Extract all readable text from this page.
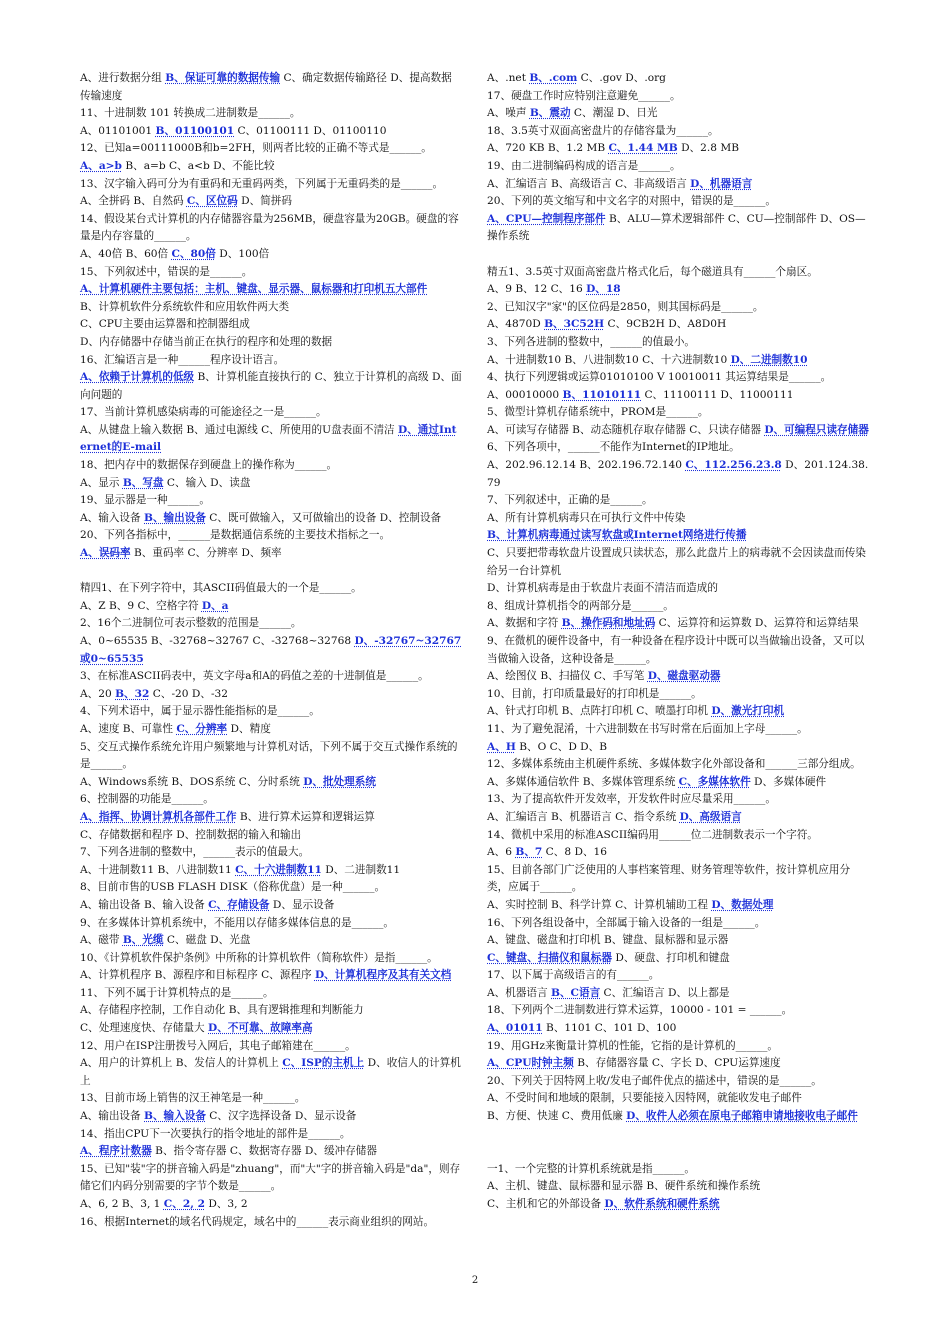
A、进行数据分组 B、保证可靠的数据传输 C、确定数据传输路径 D、提高数据传输速度

11、十进制数 101 转换成二进制数是______。

A、01101001 B、01100101 C、01100111 D、01100110

12、已知a=00111000B和b=2FH，则两者比较的正确不等式是______。

A、a>b B、a=b C、a<b D、不能比较

13、汉字输入码可分为有重码和无重码两类，下列属于无重码类的是______。

A、全拼码 B、自然码 C、区位码 D、简拼码

14、假设某台式计算机的内存储器容量为256MB，硬盘容量为20GB。硬盘的容量是内存容量的______。

A、40倍 B、60倍 C、80倍 D、100倍

15、下列叙述中，错误的是______。

A、计算机硬件主要包括：主机、键盘、显示器、鼠标器和打印机五大部件

B、计算机软件分系统软件和应用软件两大类

C、CPU主要由运算器和控制器组成

D、内存储器中存储当前正在执行的程序和处理的数据

16、汇编语言是一种______程序设计语言。

A、依赖于计算机的低级 B、计算机能直接执行的 C、独立于计算机的高级 D、面向问题的

17、当前计算机感染病毒的可能途径之一是______。

A、从键盘上输入数据 B、通过电源线 C、所使用的U盘表面不清洁 D、通过Internet的E-mail

18、把内存中的数据保存到硬盘上的操作称为______。

A、显示 B、写盘 C、输入 D、读盘

19、显示器是一种______。

A、输入设备 B、输出设备 C、既可做输入，又可做输出的设备 D、控制设备

20、下列各指标中，______是数据通信系统的主要技术指标之一。

A、误码率 B、重码率 C、分辨率 D、频率

精四1、在下列字符中，其ASCII码值最大的一个是______。

A、Z B、9 C、空格字符 D、a

2、16个二进制位可表示整数的范围是______。

A、0~65535 B、-32768~32767 C、-32768~32768 D、-32767~32767或0~65535

3、在标准ASCII码表中，英文字母a和A的码值之差的十进制值是______。

A、20 B、32 C、-20 D、-32

4、下列术语中，属于显示器性能指标的是______。

A、速度 B、可靠性 C、分辨率 D、精度

5、交互式操作系统允许用户频繁地与计算机对话，下列不属于交互式操作系统的是______。

A、Windows系统 B、DOS系统 C、分时系统 D、批处理系统

6、控制器的功能是______。

A、指挥、协调计算机各部件工作 B、进行算术运算和逻辑运算

C、存储数据和程序 D、控制数据的输入和输出

7、下列各进制的整数中，______表示的值最大。

A、十进制数11 B、八进制数11 C、十六进制数11 D、二进制数11

8、目前市售的USB FLASH DISK（俗称优盘）是一种______。

A、输出设备 B、输入设备 C、存储设备 D、显示设备

9、在多媒体计算机系统中，不能用以存储多媒体信息的是______。

A、磁带 B、光缆 C、磁盘 D、光盘

10、《计算机软件保护条例》中所称的计算机软件（简称软件）是指______。

A、计算机程序 B、源程序和目标程序 C、源程序 D、计算机程序及其有关文档

11、下列不属于计算机特点的是______。

A、存储程序控制，工作自动化 B、具有逻辑推理和判断能力

C、处理速度快、存储量大 D、不可靠、故障率高

12、用户在ISP注册拨号入网后，其电子邮箱建在______。

A、用户的计算机上 B、发信人的计算机上 C、ISP的主机上 D、收信人的计算机上

13、目前市场上销售的汉王神笔是一种______。

A、输出设备 B、输入设备 C、汉字选择设备 D、显示设备

14、指出CPU下一次要执行的指令地址的部件是______。

A、程序计数器 B、指令寄存器 C、数据寄存器 D、缓冲存储器

15、已知"装"字的拼音输入码是"zhuang"，而"大"字的拼音输入码是"da"，则存储它们内码分别需要的字节个数是______。

A、6, 2 B、3, 1 C、2, 2 D、3, 2

16、根据Internet的域名代码规定，域名中的______表示商业组织的网站。

A、.net B、.com C、.gov D、.org

17、硬盘工作时应特别注意避免______。

A、噪声 B、震动 C、潮湿 D、日光

18、3.5英寸双面高密盘片的存储容量为______。

A、720 KB B、1.2 MB C、1.44 MB D、2.8 MB

19、由二进制编码构成的语言是______。

A、汇编语言 B、高级语言 C、非高级语言 D、机器语言

20、下列的英文缩写和中文名字的对照中，错误的是______。

A、CPU—控制程序部件 B、ALU—算术逻辑部件 C、CU—控制部件 D、OS—操作系统

精五1、3.5英寸双面高密盘片格式化后，每个磁道具有______个扇区。

A、9 B、12 C、16 D、18

2、已知汉字"家"的区位码是2850，则其国标码是______。

A、4870D B、3C52H C、9CB2H D、A8D0H

3、下列各进制的整数中，______的值最小。

A、十进制数10 B、八进制数10 C、十六进制数10 D、二进制数10

4、执行下列逻辑或运算01010100 V 10010011 其运算结果是______。

A、00010000 B、11010111 C、11100111 D、11000111

5、微型计算机存储系统中，PROM是______。

A、可读写存储器 B、动态随机存取存储器 C、只读存储器 D、可编程只读存储器

6、下列各项中，______不能作为Internet的IP地址。

A、202.96.12.14 B、202.196.72.140 C、112.256.23.8 D、201.124.38.79

7、下列叙述中，正确的是______。

A、所有计算机病毒只在可执行文件中传染

B、计算机病毒通过读写软盘或Internet网络进行传播

C、只要把带毒软盘片设置成只读状态，那么此盘片上的病毒就不会因读盘而传染给另一台计算机

D、计算机病毒是由于软盘片表面不清洁而造成的

8、组成计算机指令的两部分是______。

A、数据和字符 B、操作码和地址码 C、运算符和运算数 D、运算符和运算结果

9、在微机的硬件设备中，有一种设备在程序设计中既可以当做输出设备，又可以当做输入设备，这种设备是______。

A、绘图仪 B、扫描仪 C、手写笔 D、磁盘驱动器

10、目前，打印质量最好的打印机是______。

A、针式打印机 B、点阵打印机 C、喷墨打印机 D、激光打印机

11、为了避免混淆，十六进制数在书写时常在后面加上字母______。

A、H B、O C、D D、B

12、多媒体系统由主机硬件系统、多媒体数字化外部设备和______三部分组成。

A、多媒体通信软件 B、多媒体管理系统 C、多媒体软件 D、多媒体硬件

13、为了提高软件开发效率，开发软件时应尽量采用______。

A、汇编语言 B、机器语言 C、指令系统 D、高级语言

14、微机中采用的标准ASCII编码用______位二进制数表示一个字符。

A、6 B、7 C、8 D、16

15、目前各部门广泛使用的人事档案管理、财务管理等软件，按计算机应用分类，应属于______。

A、实时控制 B、科学计算 C、计算机辅助工程 D、数据处理

16、下列各组设备中，全部属于输入设备的一组是______。

A、键盘、磁盘和打印机 B、键盘、鼠标器和显示器

C、键盘、扫描仪和鼠标器 D、硬盘、打印机和键盘

17、以下属于高级语言的有______。

A、机器语言 B、C语言 C、汇编语言 D、以上都是

18、下列两个二进制数进行算术运算，10000 - 101 = ______。

A、01011 B、1101 C、101 D、100

19、用GHz来衡量计算机的性能，它指的是计算机的______。

A、CPU时钟主频 B、存储器容量 C、字长 D、CPU运算速度

20、下列关于因特网上收/发电子邮件优点的描述中，错误的是______。

A、不受时间和地域的限制，只要能接入因特网，就能收发电子邮件

B、方便、快速 C、费用低廉 D、收件人必须在原电子邮箱申请地接收电子邮件

一1、一个完整的计算机系统就是指______。

A、主机、键盘、鼠标器和显示器 B、硬件系统和操作系统

C、主机和它的外部设备 D、软件系统和硬件系统

2
